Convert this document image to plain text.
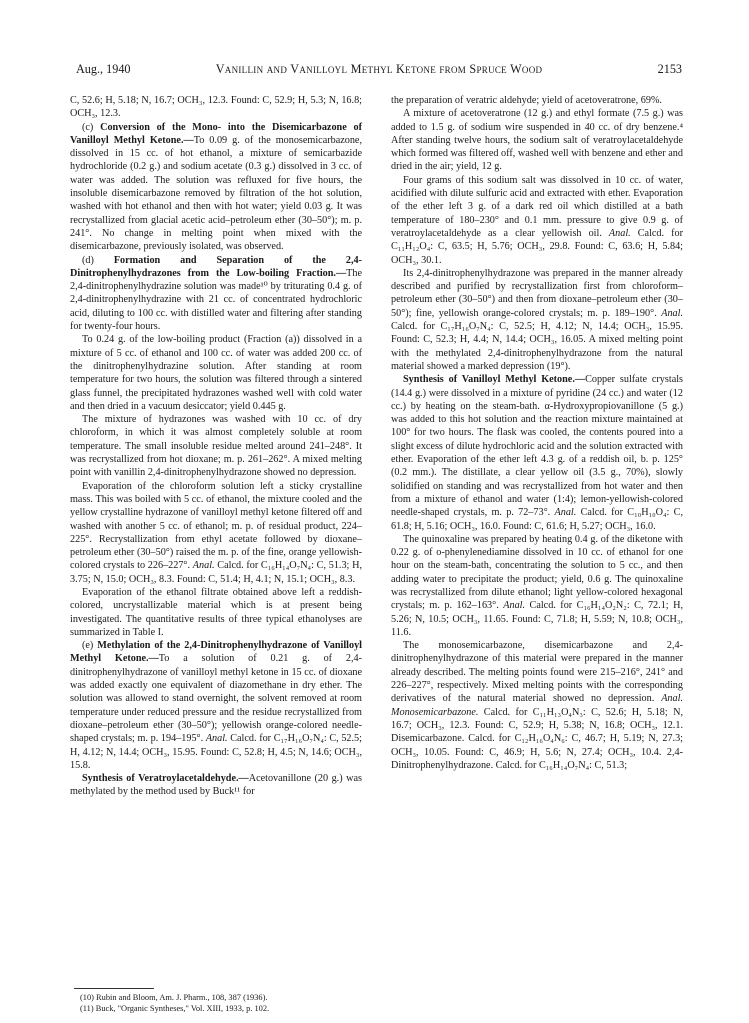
Aug., 1940	Vanillin and Vanilloyl Methyl Ketone from Spruce Wood	2153

C, 52.6; H, 5.18; N, 16.7; OCH₃, 12.3. Found: C, 52.9; H, 5.3; N, 16.8; OCH₃, 12.3.

(c) Conversion of the Mono- into the Disemicarbazone of Vanilloyl Methyl Ketone.—To 0.09 g. of the monosemicarbazone, dissolved in 15 cc. of hot ethanol, a mixture of semicarbazide hydrochloride (0.2 g.) and sodium acetate (0.3 g.) dissolved in 3 cc. of water was added. The solution was refluxed for five hours, the insoluble disemicarbazone removed by filtration of the hot solution, washed with hot ethanol and then with hot water; yield 0.03 g. It was recrystallized from glacial acetic acid–petroleum ether (30–50°); m. p. 241°. No change in melting point when mixed with the disemicarbazone, previously isolated, was observed.

(d) Formation and Separation of the 2,4-Dinitrophenylhydrazones from the Low-boiling Fraction.—The 2,4-dinitrophenylhydrazine solution was made¹⁰ by triturating 0.4 g. of 2,4-dinitrophenylhydrazine with 21 cc. of concentrated hydrochloric acid, diluting to 100 cc. with distilled water and filtering after standing for twenty-four hours.

To 0.24 g. of the low-boiling product (Fraction (a)) dissolved in a mixture of 5 cc. of ethanol and 100 cc. of water was added 200 cc. of the dinitrophenylhydrazine solution. After standing at room temperature for two hours, the solution was filtered through a sintered glass funnel, the precipitated hydrazones washed well with cold water and then dried in a vacuum desiccator; yield 0.445 g.

The mixture of hydrazones was washed with 10 cc. of dry chloroform, in which it was almost completely soluble at room temperature. The small insoluble residue melted around 241–248°. It was recrystallized from hot dioxane; m. p. 261–262°. A mixed melting point with vanillin 2,4-dinitrophenylhydrazone showed no depression.

Evaporation of the chloroform solution left a sticky crystalline mass. This was boiled with 5 cc. of ethanol, the mixture cooled and the yellow crystalline hydrazone of vanilloyl methyl ketone filtered off and washed with another 5 cc. of ethanol; m. p. of residual product, 224–225°. Recrystallization from ethyl acetate followed by dioxane–petroleum ether (30–50°) raised the m. p. of the fine, orange yellowish-colored crystals to 226–227°. Anal. Calcd. for C₁₆H₁₄O₇N₄: C, 51.3; H, 3.75; N, 15.0; OCH₃, 8.3. Found: C, 51.4; H, 4.1; N, 15.1; OCH₃, 8.3.

Evaporation of the ethanol filtrate obtained above left a reddish-colored, uncrystallizable material which is at present being investigated. The quantitative results of three typical ethanolyses are summarized in Table I.

(e) Methylation of the 2,4-Dinitrophenylhydrazone of Vanilloyl Methyl Ketone.—To a solution of 0.21 g. of 2,4-dinitrophenylhydrazone of vanilloyl methyl ketone in 15 cc. of dioxane was added exactly one equivalent of diazomethane in dry ether. The solution was allowed to stand overnight, the solvent removed at room temperature under reduced pressure and the residue recrystallized from dioxane–petroleum ether (30–50°); yellowish orange-colored needle-shaped crystals; m. p. 194–195°. Anal. Calcd. for C₁₇H₁₆O₇N₄: C, 52.5; H, 4.12; N, 14.4; OCH₃, 15.95. Found: C, 52.8; H, 4.5; N, 14.6; OCH₃, 15.8.

Synthesis of Veratroylacetaldehyde.—Acetovanillone (20 g.) was methylated by the method used by Buck¹¹ for

the preparation of veratric aldehyde; yield of acetoveratrone, 69%.

A mixture of acetoveratrone (12 g.) and ethyl formate (7.5 g.) was added to 1.5 g. of sodium wire suspended in 40 cc. of dry benzene.⁴ After standing twelve hours, the sodium salt of veratroylacetaldehyde which formed was filtered off, washed well with benzene and ether and dried in the air; yield, 12 g.

Four grams of this sodium salt was dissolved in 10 cc. of water, acidified with dilute sulfuric acid and extracted with ether. Evaporation of the ether left 3 g. of a dark red oil which distilled at a bath temperature of 180–230° and 0.1 mm. pressure to give 0.9 g. of veratroylacetaldehyde as a clear yellowish oil. Anal. Calcd. for C₁₁H₁₂O₄: C, 63.5; H, 5.76; OCH₃, 29.8. Found: C, 63.6; H, 5.84; OCH₃, 30.1.

Its 2,4-dinitrophenylhydrazone was prepared in the manner already described and purified by recrystallization first from chloroform–petroleum ether (30–50°) and then from dioxane–petroleum ether (30–50°); fine, yellowish orange-colored crystals; m. p. 189–190°. Anal. Calcd. for C₁₇H₁₆O₇N₄: C, 52.5; H, 4.12; N, 14.4; OCH₃, 15.95. Found: C, 52.3; H, 4.4; N, 14.4; OCH₃, 16.05. A mixed melting point with the methylated 2,4-dinitrophenylhydrazone from the natural material showed a marked depression (19°).

Synthesis of Vanilloyl Methyl Ketone.—Copper sulfate crystals (14.4 g.) were dissolved in a mixture of pyridine (24 cc.) and water (12 cc.) by heating on the steam-bath. α-Hydroxypropiovanillone (5 g.) was added to this hot solution and the reaction mixture maintained at 100° for two hours. The flask was cooled, the contents poured into a slight excess of dilute hydrochloric acid and the solution extracted with ether. Evaporation of the ether left 4.3 g. of a reddish oil, b. p. 125° (0.2 mm.). The distillate, a clear yellow oil (3.5 g., 70%), slowly solidified on standing and was recrystallized from hot water and then from a mixture of ethanol and water (1:4); lemon-yellowish-colored needle-shaped crystals, m. p. 72–73°. Anal. Calcd. for C₁₀H₁₀O₄: C, 61.8; H, 5.16; OCH₃, 16.0. Found: C, 61.6; H, 5.27; OCH₃, 16.0.

The quinoxaline was prepared by heating 0.4 g. of the diketone with 0.22 g. of o-phenylenediamine dissolved in 10 cc. of ethanol for one hour on the steam-bath, concentrating the solution to 5 cc., and then adding water to precipitate the product; yield, 0.6 g. The quinoxaline was recrystallized from dilute ethanol; light yellow-colored hexagonal crystals; m. p. 162–163°. Anal. Calcd. for C₁₆H₁₄O₂N₂: C, 72.1; H, 5.26; N, 10.5; OCH₃, 11.65. Found: C, 71.8; H, 5.59; N, 10.8; OCH₃, 11.6.

The monosemicarbazone, disemicarbazone and 2,4-dinitrophenylhydrazone of this material were prepared in the manner already described. The melting points found were 215–216°, 241° and 226–227°, respectively. Mixed melting points with the corresponding derivatives of the natural material showed no depression. Anal. Monosemicarbazone. Calcd. for C₁₁H₁₃O₄N₃: C, 52.6; H, 5.18; N, 16.7; OCH₃, 12.3. Found: C, 52.9; H, 5.38; N, 16.8; OCH₃, 12.1. Disemicarbazone. Calcd. for C₁₂H₁₆O₄N₆: C, 46.7; H, 5.19; N, 27.3; OCH₃, 10.05. Found: C, 46.9; H, 5.6; N, 27.4; OCH₃, 10.4. 2,4-Dinitrophenylhydrazone. Calcd. for C₁₆H₁₄O₇N₄: C, 51.3;

(10) Rubin and Bloom, Am. J. Pharm., 108, 387 (1936).
(11) Buck, "Organic Syntheses," Vol. XIII, 1933, p. 102.
